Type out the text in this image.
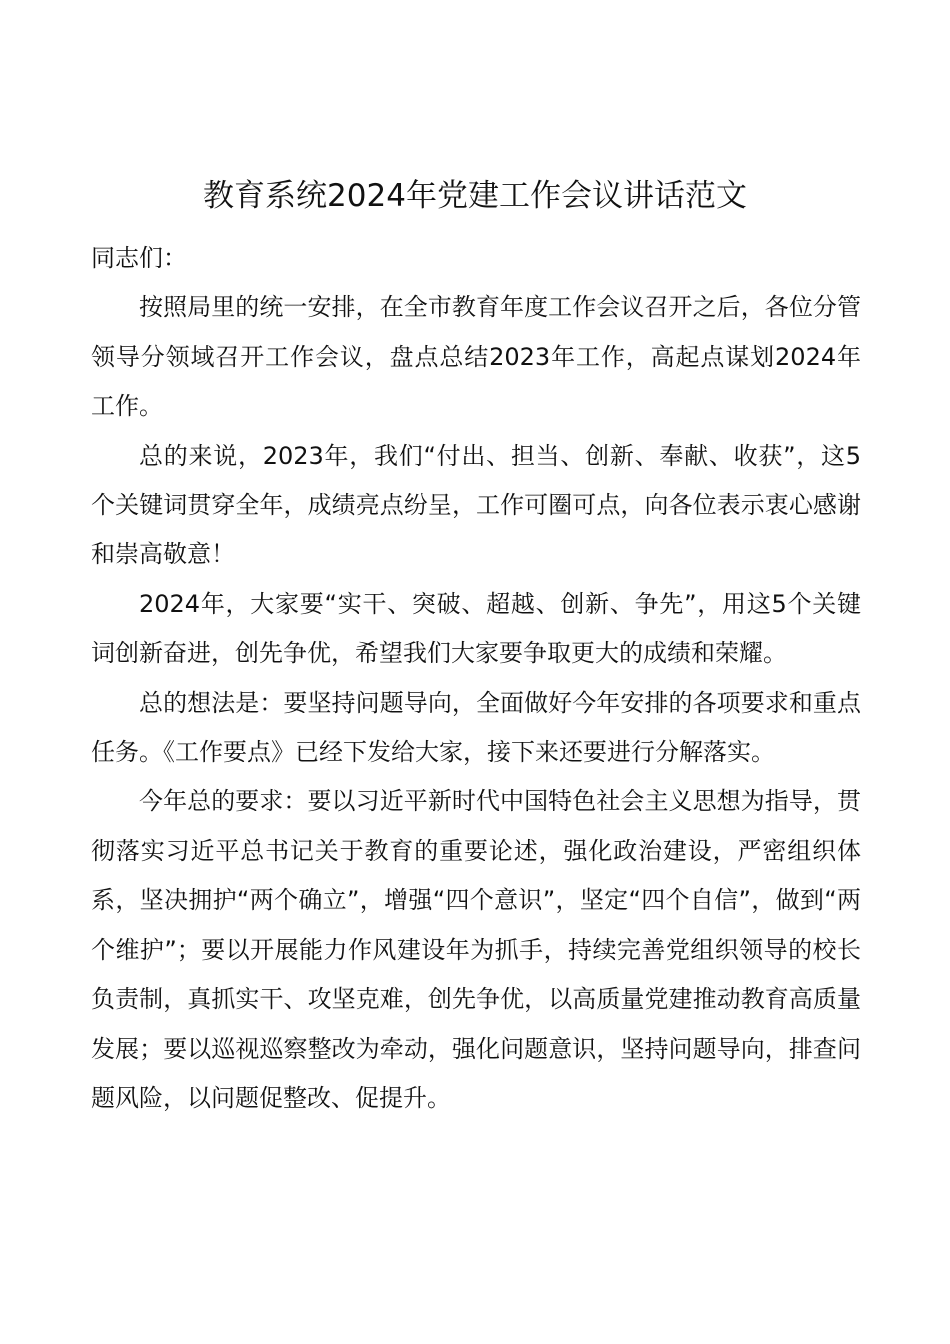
教育系统2024年党建工作会议讲话范文

同志们：

按照局里的统一安排，在全市教育年度工作会议召开之后，各位分管领导分领域召开工作会议，盘点总结2023年工作，高起点谋划2024年工作。

总的来说，2023年，我们“付出、担当、创新、奉献、收获”，这5个关键词贯穿全年，成绩亮点纷呈，工作可圈可点，向各位表示衷心感谢和崇高敬意！

2024年，大家要“实干、突破、超越、创新、争先”，用这5个关键词创新奋进，创先争优，希望我们大家要争取更大的成绩和荣耀。

总的想法是：要坚持问题导向，全面做好今年安排的各项要求和重点任务。《工作要点》已经下发给大家，接下来还要进行分解落实。

今年总的要求：要以习近平新时代中国特色社会主义思想为指导，贯彻落实习近平总书记关于教育的重要论述，强化政治建设，严密组织体系，坚决拥护“两个确立”，增强“四个意识”，坚定“四个自信”，做到“两个维护”；要以开展能力作风建设年为抓手，持续完善党组织领导的校长负责制，真抓实干、攻坚克难，创先争优，以高质量党建推动教育高质量发展；要以巡视巡察整改为牵动，强化问题意识，坚持问题导向，排查问题风险，以问题促整改、促提升。
